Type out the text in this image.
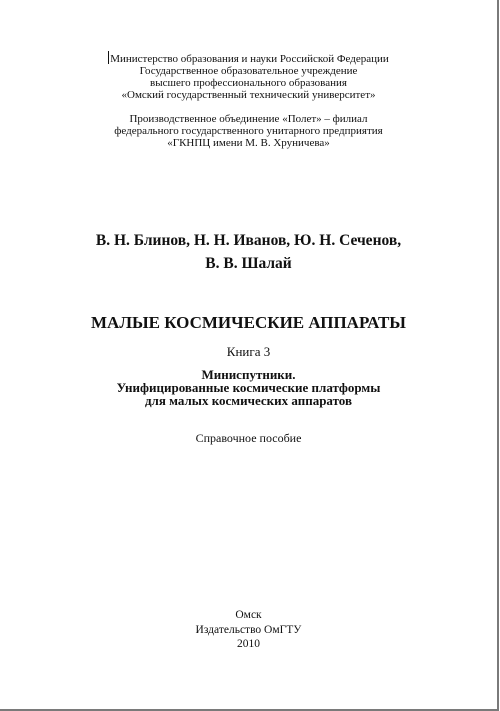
Министерство образования и науки Российской Федерации
Государственное образовательное учреждение
высшего профессионального образования
«Омский государственный технический университет»
Производственное объединение «Полет» – филиал
федерального государственного унитарного предприятия
«ГКНПЦ имени М. В. Хруничева»
В. Н. Блинов, Н. Н. Иванов, Ю. Н. Сеченов,
В. В. Шалай
МАЛЫЕ КОСМИЧЕСКИЕ АППАРАТЫ
Книга 3
Миниспутники.
Унифицированные космические платформы
для малых космических аппаратов
Справочное пособие
Омск
Издательство ОмГТУ
2010
